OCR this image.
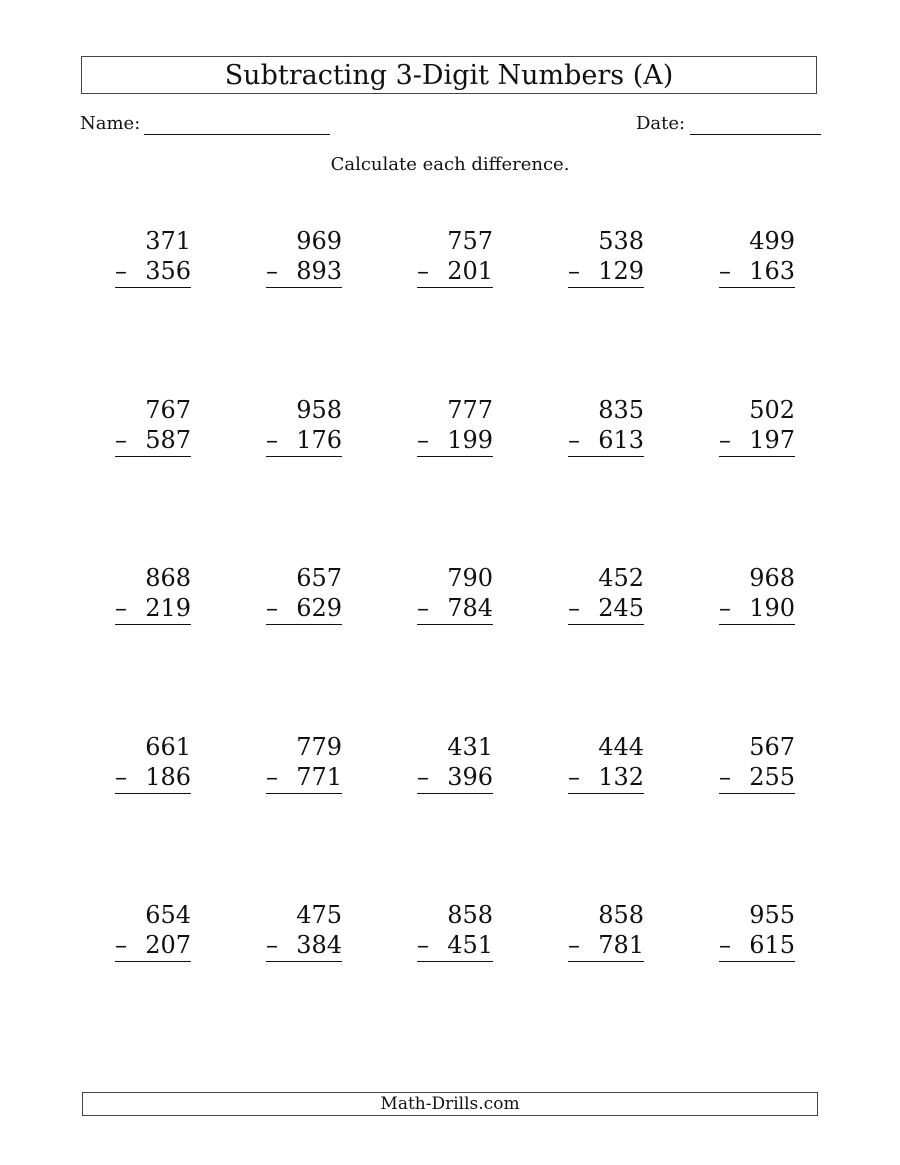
Subtracting 3-Digit Numbers (A)
Name:	Date:
Calculate each difference.
371
– 356
969
– 893
757
– 201
538
– 129
499
– 163
767
– 587
958
– 176
777
– 199
835
– 613
502
– 197
868
– 219
657
– 629
790
– 784
452
– 245
968
– 190
661
– 186
779
– 771
431
– 396
444
– 132
567
– 255
654
– 207
475
– 384
858
– 451
858
– 781
955
– 615
Math-Drills.com
